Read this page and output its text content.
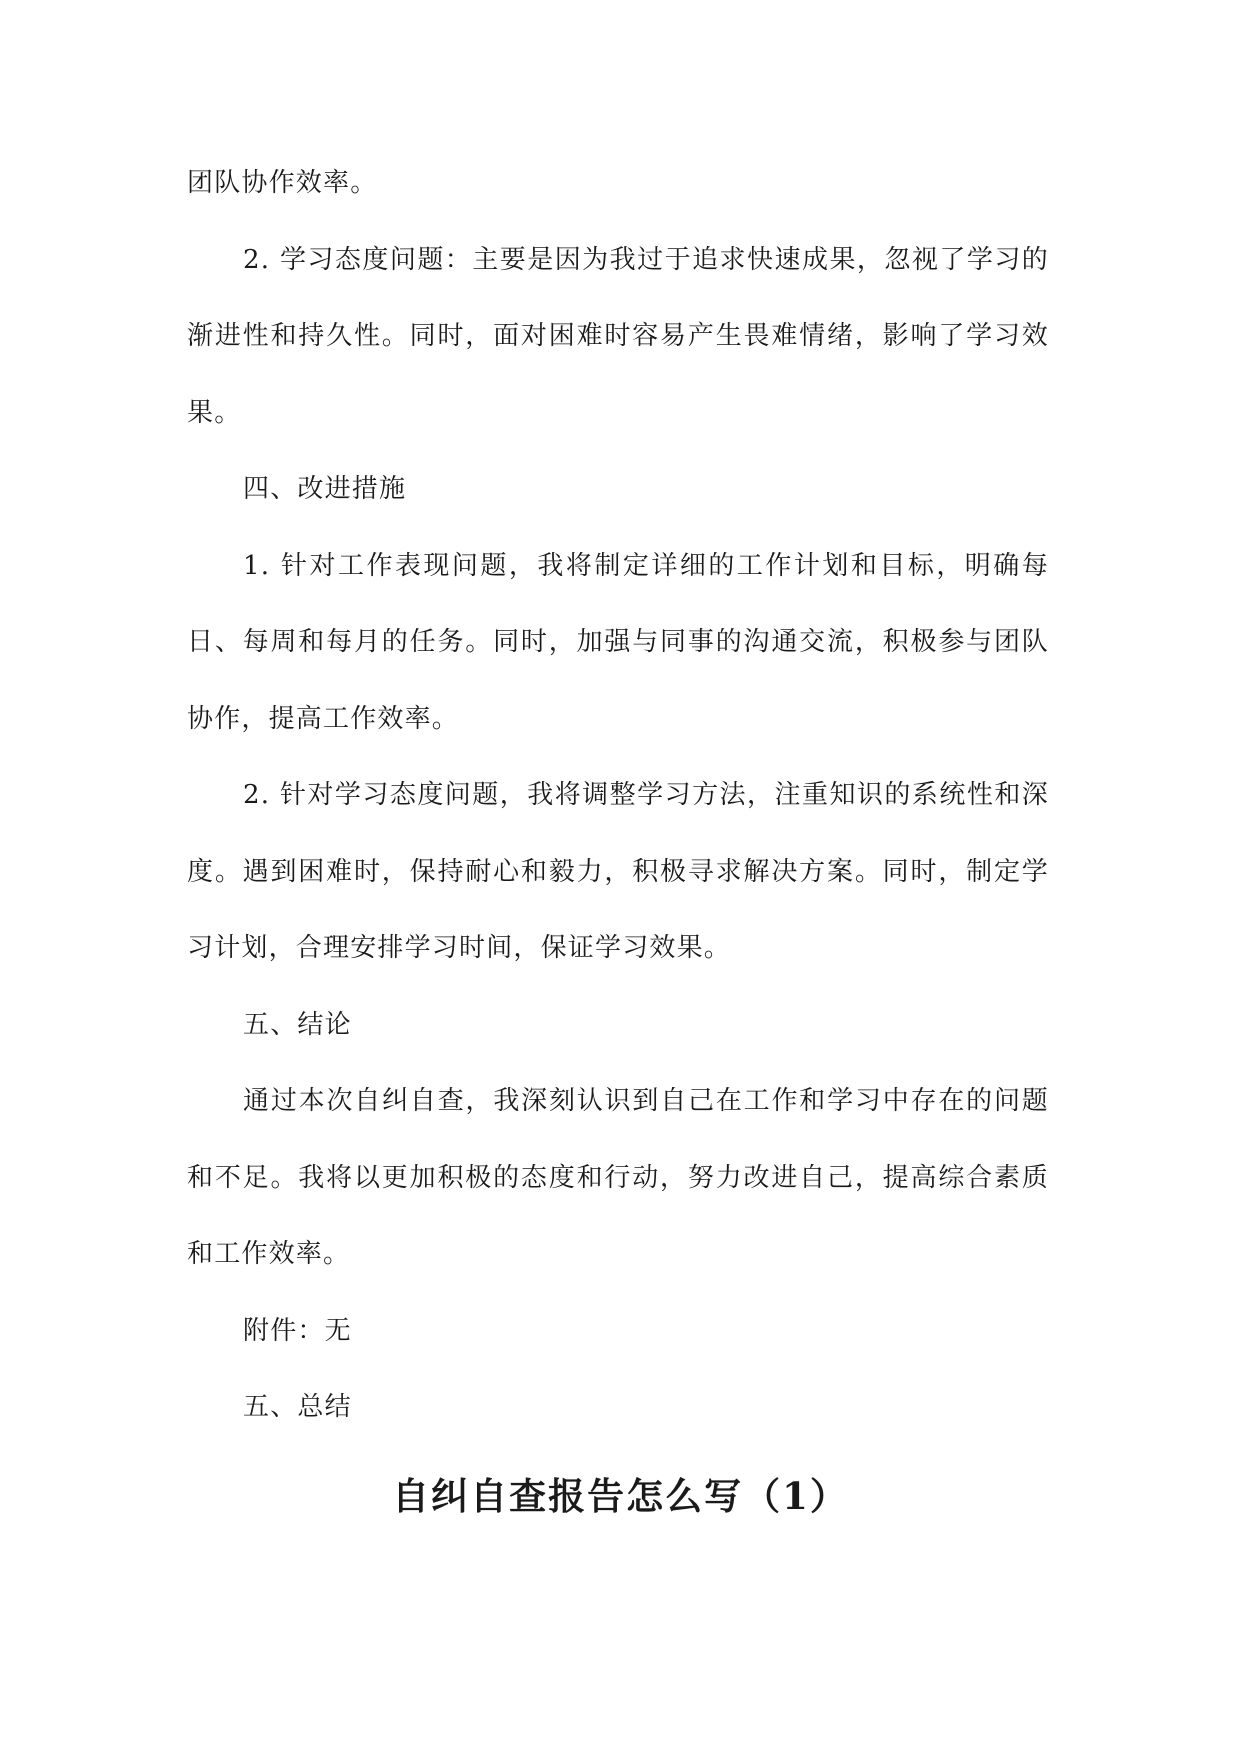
团队协作效率。

2. 学习态度问题：主要是因为我过于追求快速成果，忽视了学习的渐进性和持久性。同时，面对困难时容易产生畏难情绪，影响了学习效果。

四、改进措施

1. 针对工作表现问题，我将制定详细的工作计划和目标，明确每日、每周和每月的任务。同时，加强与同事的沟通交流，积极参与团队协作，提高工作效率。

2. 针对学习态度问题，我将调整学习方法，注重知识的系统性和深度。遇到困难时，保持耐心和毅力，积极寻求解决方案。同时，制定学习计划，合理安排学习时间，保证学习效果。

五、结论

通过本次自纠自查，我深刻认识到自己在工作和学习中存在的问题和不足。我将以更加积极的态度和行动，努力改进自己，提高综合素质和工作效率。

附件：无

五、总结

自纠自查报告怎么写（1）
